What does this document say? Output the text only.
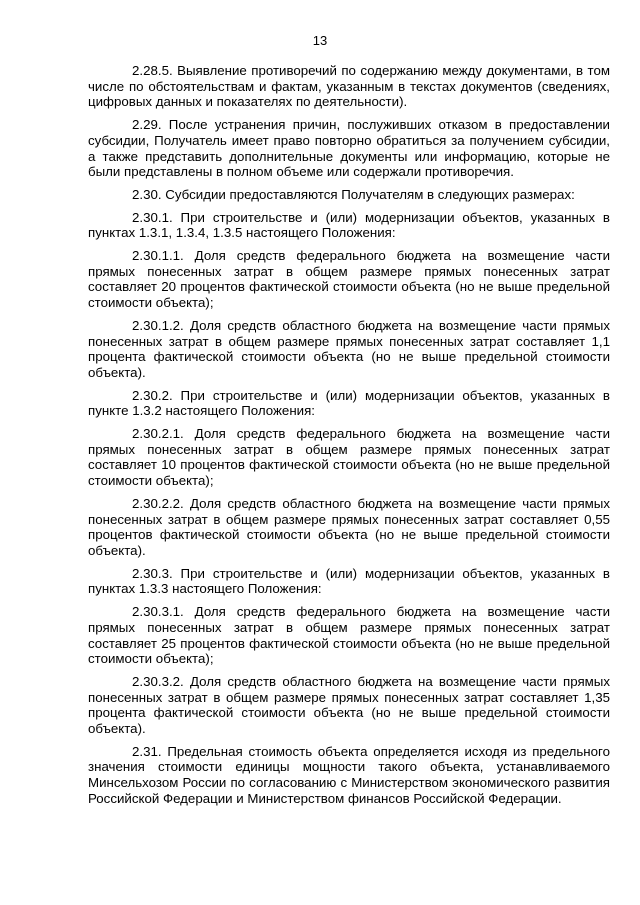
13

2.28.5. Выявление противоречий по содержанию между документами, в том числе по обстоятельствам и фактам, указанным в текстах документов (сведениях, цифровых данных и показателях по деятельности).

2.29. После устранения причин, послуживших отказом в предоставлении субсидии, Получатель имеет право повторно обратиться за получением субсидии, а также представить дополнительные документы или информацию, которые не были представлены в полном объеме или содержали противоречия.

2.30. Субсидии предоставляются Получателям в следующих размерах:

2.30.1. При строительстве и (или) модернизации объектов, указанных в пунктах 1.3.1, 1.3.4, 1.3.5 настоящего Положения:

2.30.1.1. Доля средств федерального бюджета на возмещение части прямых понесенных затрат в общем размере прямых понесенных затрат составляет 20 процентов фактической стоимости объекта (но не выше предельной стоимости объекта);

2.30.1.2. Доля средств областного бюджета на возмещение части прямых понесенных затрат в общем размере прямых понесенных затрат составляет 1,1 процента фактической стоимости объекта (но не выше предельной стоимости объекта).

2.30.2. При строительстве и (или) модернизации объектов, указанных в пункте 1.3.2 настоящего Положения:

2.30.2.1. Доля средств федерального бюджета на возмещение части прямых понесенных затрат в общем размере прямых понесенных затрат составляет 10 процентов фактической стоимости объекта (но не выше предельной стоимости объекта);

2.30.2.2. Доля средств областного бюджета на возмещение части прямых понесенных затрат в общем размере прямых понесенных затрат составляет 0,55 процентов фактической стоимости объекта (но не выше предельной стоимости объекта).

2.30.3. При строительстве и (или) модернизации объектов, указанных в пунктах 1.3.3 настоящего Положения:

2.30.3.1. Доля средств федерального бюджета на возмещение части прямых понесенных затрат в общем размере прямых понесенных затрат составляет 25 процентов фактической стоимости объекта (но не выше предельной стоимости объекта);

2.30.3.2. Доля средств областного бюджета на возмещение части прямых понесенных затрат в общем размере прямых понесенных затрат составляет 1,35 процента фактической стоимости объекта (но не выше предельной стоимости объекта).

2.31. Предельная стоимость объекта определяется исходя из предельного значения стоимости единицы мощности такого объекта, устанавливаемого Минсельхозом России по согласованию с Министерством экономического развития Российской Федерации и Министерством финансов Российской Федерации.
